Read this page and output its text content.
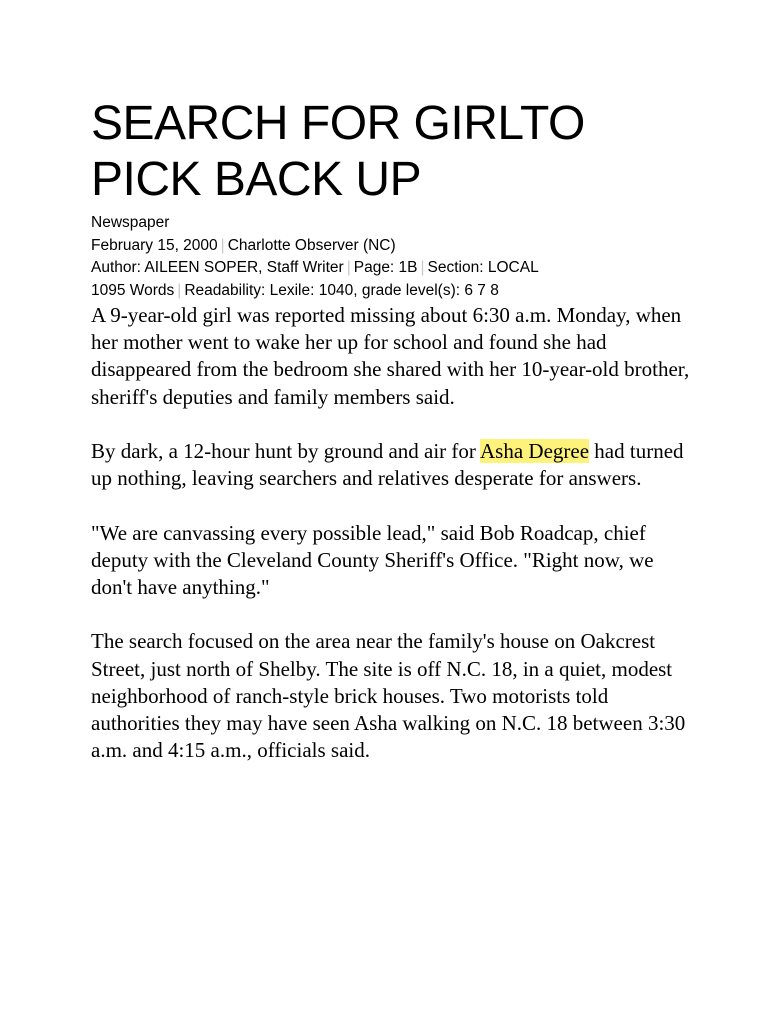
SEARCH FOR GIRLTO
PICK BACK UP
Newspaper
February 15, 2000 | Charlotte Observer (NC)
Author: AILEEN SOPER, Staff Writer | Page: 1B | Section: LOCAL
1095 Words | Readability: Lexile: 1040, grade level(s): 6 7 8

A 9-year-old girl was reported missing about 6:30 a.m. Monday, when her mother went to wake her up for school and found she had disappeared from the bedroom she shared with her 10-year-old brother, sheriff's deputies and family members said.

By dark, a 12-hour hunt by ground and air for Asha Degree had turned up nothing, leaving searchers and relatives desperate for answers.

"We are canvassing every possible lead," said Bob Roadcap, chief deputy with the Cleveland County Sheriff's Office. "Right now, we don't have anything."

The search focused on the area near the family's house on Oakcrest Street, just north of Shelby. The site is off N.C. 18, in a quiet, modest neighborhood of ranch-style brick houses. Two motorists told authorities they may have seen Asha walking on N.C. 18 between 3:30 a.m. and 4:15 a.m., officials said.
